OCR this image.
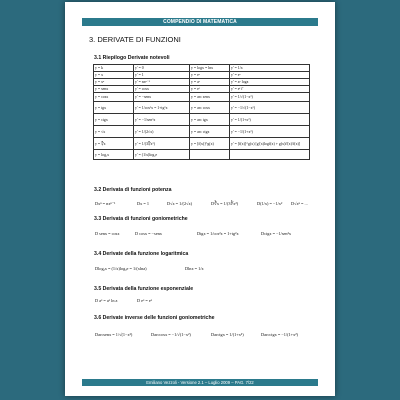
COMPENDIO DI MATEMATICA
3. DERIVATE DI FUNZIONI
3.1 Riepilogo Derivate notevoli
y = k	y' = 0	y = logx = lnx	y' = 1/x
y = x	y' = 1	y = eˣ	y' = eˣ
y = xⁿ	y' = nxⁿ⁻¹	y = aˣ	y' = aˣ loga
y = senx	y' = cosx	y = eᶠ	y' = eᶠ f'
y = cosx	y' = −senx	y = arc senx	y' = 1/√(1−x²)
y = tgx	y' = 1/cos²x = 1+tg²x	y = arc cosx	y' = −1/√(1−x²)
y = ctgx	y' = −1/sen²x	y = arc tgx	y' = 1/(1+x²)
y = √x	y' = 1/(2√x)	y = arc ctgx	y' = −1/(1+x²)
y = ∛x	y' = 1/(3∛x²)	y = [f(x)]^g(x)	y' = [f(x)]^g(x) [g'(x)logf(x) + g(x)f'(x)/f(x)]
y = logₐx	y' = (1/x)logₐe		
3.2 Derivata di funzioni potenza
Dxⁿ = nxⁿ⁻¹	Dx = 1	D√x = 1/(2√x)	D∛x = 1/(3∛x²)	D(1/x) = −1/x² D√xⁿ = ...
3.3 Derivata di funzioni goniometriche
D senx = cosx	D cosx = −senx	Dtgx = 1/cos²x = 1+tg²x	Dctgx = −1/sen²x
3.4 Derivate della funzione logaritmica
Dlogₐx = (1/x)logₐe = 1/(xlna)	Dlnx = 1/x
3.5 Derivata della funzione esponenziale
D aˣ = aˣ ln a	D eˣ = eˣ
3.6 Derivate inverse delle funzioni goniometriche
Darcsenx = 1/√(1−x²)	Darccosx = −1/√(1−x²)	Darctgx = 1/(1+x²)	Darcctgx = −1/(1+x²)
Emiliano Vezzoli - Versione 2.1 – Luglio 2009 – PAG. 7/22
